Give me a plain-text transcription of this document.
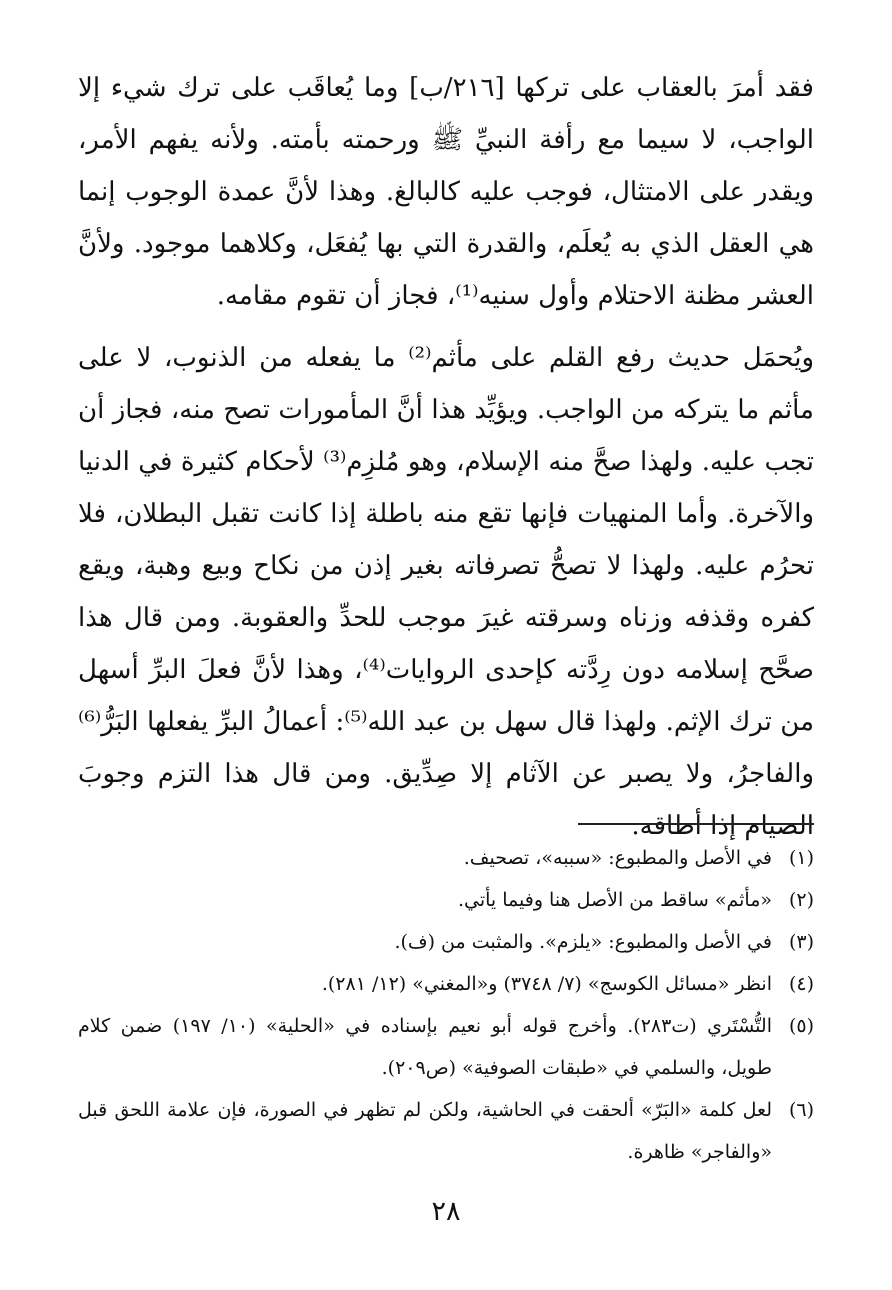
فقد أمرَ بالعقاب على تركها [٢١٦/ب] وما يُعاقَب على ترك شيء إلا الواجب، لا سيما مع رأفة النبيِّ ﷺ ورحمته بأمته. ولأنه يفهم الأمر، ويقدر على الامتثال، فوجب عليه كالبالغ. وهذا لأنَّ عمدة الوجوب إنما هي العقل الذي به يُعلَم، والقدرة التي بها يُفعَل، وكلاهما موجود. ولأنَّ العشر مظنة الاحتلام وأول سنيه⁽¹⁾، فجاز أن تقوم مقامه.

ويُحمَل حديث رفع القلم على مأثم⁽²⁾ ما يفعله من الذنوب، لا على مأثم ما يتركه من الواجب. ويؤيِّد هذا أنَّ المأمورات تصح منه، فجاز أن تجب عليه. ولهذا صحَّ منه الإسلام، وهو مُلزِم⁽³⁾ لأحكام كثيرة في الدنيا والآخرة. وأما المنهيات فإنها تقع منه باطلة إذا كانت تقبل البطلان، فلا تحرُم عليه. ولهذا لا تصحُّ تصرفاته بغير إذن من نكاح وبيع وهبة، ويقع كفره وقذفه وزناه وسرقته غيرَ موجب للحدِّ والعقوبة. ومن قال هذا صحَّح إسلامه دون رِدَّته كإحدى الروايات⁽⁴⁾، وهذا لأنَّ فعلَ البرِّ أسهل من ترك الإثم. ولهذا قال سهل بن عبد الله⁽⁵⁾: أعمالُ البرِّ يفعلها البَرُّ⁽⁶⁾ والفاجرُ، ولا يصبر عن الآثام إلا صِدِّيق. ومن قال هذا التزم وجوبَ الصيام إذا أطاقه.

(١)
في الأصل والمطبوع: «سببه»، تصحيف.
(٢)
«مأثم» ساقط من الأصل هنا وفيما يأتي.
(٣)
في الأصل والمطبوع: «يلزم». والمثبت من (ف).
(٤)
انظر «مسائل الكوسج» (٧/ ٣٧٤٨) و«المغني» (١٢/ ٢٨١).
(٥)
التُّسْتَري (ت٢٨٣). وأخرج قوله أبو نعيم بإسناده في «الحلية» (١٠/ ١٩٧) ضمن كلام طويل، والسلمي في «طبقات الصوفية» (ص٢٠٩).
(٦)
لعل كلمة «البَرّ» ألحقت في الحاشية، ولكن لم تظهر في الصورة، فإن علامة اللحق قبل «والفاجر» ظاهرة.
٢٨
